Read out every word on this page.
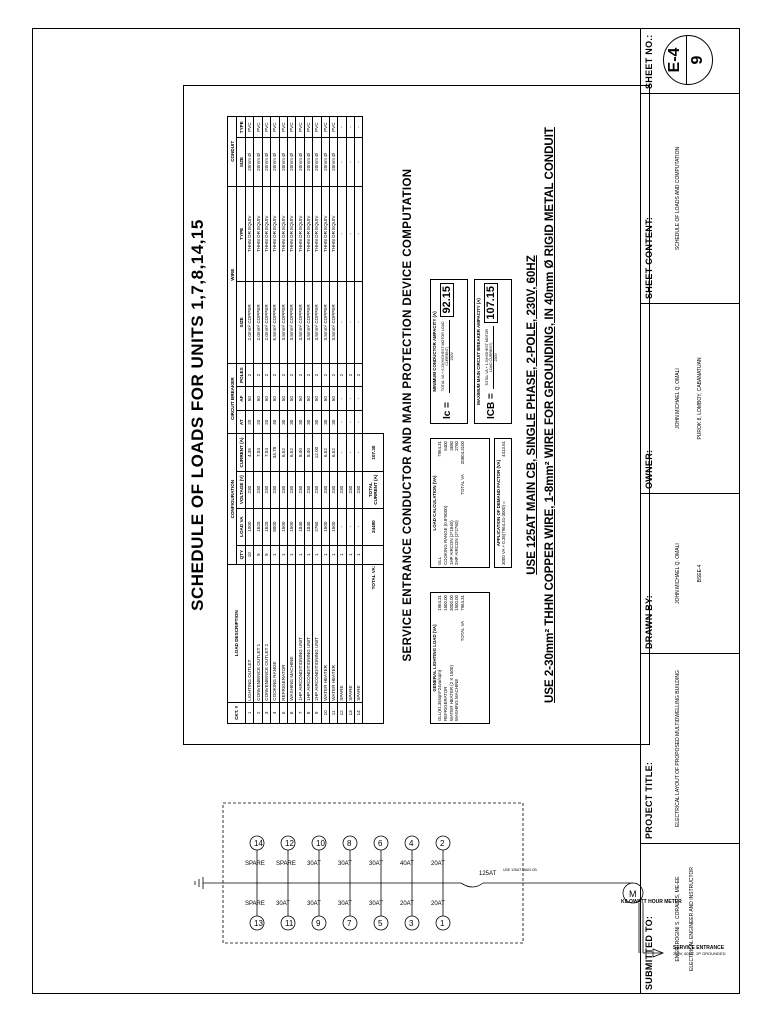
SCHEDULE OF LOADS FOR UNITS 1,7,8,14,15
CKT. #	LOAD DESCRIPTION	CONFIGURATION				CIRCUIT BREAKER			WIRE		CONDUIT	
		QTY	LOAD VA	VOLTAGE (V)	CURRENT (A)	AT	AF	POLES	SIZE	TYPE	SIZE	TYPE
1	LIGHTING OUTLET	10	1000	230	4.35	20	50	2	2.0mm² COPPER	THHN OR EQUIV	20mm Ø	PVC
2	CONVENIENCE OUTLET 1	9	1620	230	7.04	20	50	2	2.0mm² COPPER	THHN OR EQUIV	20mm Ø	PVC
3	CONVENIENCE OUTLET 2	9	1620	230	7.04	20	50	2	2.0mm² COPPER	THHN OR EQUIV	20mm Ø	PVC
4	COOKING RANGE	1	8000	230	34.78	40	50	2	5.5mm² COPPER	THHN OR EQUIV	20mm Ø	PVC
5	REFRIGERATOR	1	1500	230	6.52	30	50	2	3.5mm² COPPER	THHN OR EQUIV	20mm Ø	PVC
6	WASHING MACHINE	1	1500	230	6.52	30	50	2	3.5mm² COPPER	THHN OR EQUIV	20mm Ø	PVC
7	1HP AIRCONDITIONING UNIT	1	1840	230	8.00	30	50	2	3.5mm² COPPER	THHN OR EQUIV	20mm Ø	PVC
8	1HP AIRCONDITIONING UNIT	1	1840	230	8.00	30	50	2	3.5mm² COPPER	THHN OR EQUIV	20mm Ø	PVC
9	2HP AIRCONDITIONING UNIT	1	2760	230	12.00	30	50	2	3.5mm² COPPER	THHN OR EQUIV	20mm Ø	PVC
10	WATER HEATER	1	1500	230	6.52	30	50	2	3.5mm² COPPER	THHN OR EQUIV	20mm Ø	PVC
11	WATER HEATER	1	1500	230	6.52	30	50	2	3.5mm² COPPER	THHN OR EQUIV	20mm Ø	PVC
12	SPARE	1	-	230	-	-	-	2	-	-	-	-
13	SPARE	1	-	230	-	-	-	2	-	-	-	-
14	SPARE	1	-	230	-	-	-	2	-	-	-	-
TOTAL VA:			24480	TOTAL CURRENT (A)	107.30							SERVICE ENTRANCE CONDUCTOR AND MAIN PROTECTION DEVICE COMPUTATION	GENERAL LIGHTING LOAD (VA)
GLL(81.35sqm*24va/sqm)
1964.31
REFRIGERATOR
1500.00
WATER HEATER (2 X 1500)
3000.00
WASHING MACHINE
1500.00
TOTAL VA
7964.31
LOAD CALCULATION (VA)
GLL
7964.31
COOKING RANGE (0.8*8000)
6400
1HP AIRCON (2*1840)
3680
2HP AIRCON (2*2760)
2760
TOTAL VA
20804.3100
APPLICATION OF DEMAND FACTOR (VA) 3000 VA + 0.35(7964.31-3000) =
4413.51
MINIMUM CONDUCTOR AMPACITY (A)
Ic =
TOTAL VA + 0.25(HIGHEST MOTOR LOAD CURRENT) 230V
92.15	MAXIMUM MAIN CIRCUIT BREAKER AMPACITY (A)
ICB =
TOTAL VA + 1.5(HIGHEST MOTOR LOAD CURRENT) 230V
107.15	USE 125AT MAIN CB, SINGLE PHASE, 2-POLE, 230V, 60HZ USE 2-30mm² THHN COPPER WIRE, 1-8mm² WIRE FOR GROUNDING, IN 40mm Ø RIGID METAL CONDUIT
SERVICE ENTRANCE
230V, 60HZ, 2P GROUNDED
M
KILOWATT HOUR METER
125AT
USE 125AT MAIN CB
1
2
20AT
20AT
3
4
20AT
40AT
5
6
30AT
30AT
7
8
30AT
30AT
9
10
30AT
30AT
11
12
30AT
SPARE
13
14
SPARE
SPARE
SUBMITTED TO:	ENGR. ROGINI S. CORALES, ME-EE ELECTRICAL ENGINEER AND INSTRUCTOR
PROJECT TITLE:	ELECTRICAL LAYOUT OF PROPOSED MULTIDWELLING BUILDING
DRAWN BY:
JOHN MICHAEL Q. OMALI	BSEE-4
OWNER:
JOHN MICHAEL Q. OMALI	PUROK 8, LOMBOY, CABANATUAN
SHEET CONTENT:
SCHEDULE OF LOADS AND COMPUTATION
SHEET NO.: E-4 9
